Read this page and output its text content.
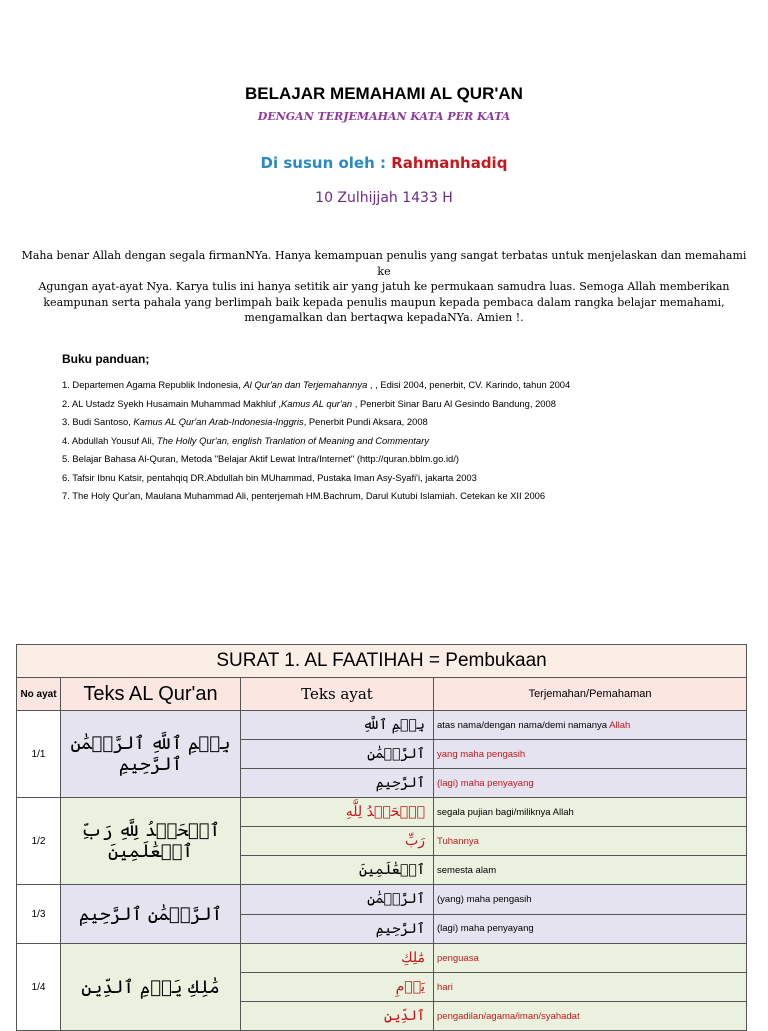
BELAJAR MEMAHAMI AL QUR'AN
DENGAN TERJEMAHAN KATA PER KATA
Di susun oleh : Rahmanhadiq
10 Zulhijjah 1433 H
Maha benar Allah dengan segala firmanNYa. Hanya kemampuan penulis yang sangat terbatas untuk menjelaskan dan memahami ke
Agungan ayat-ayat Nya. Karya tulis ini hanya setitik air yang jatuh ke permukaan samudra luas. Semoga Allah memberikan
keampunan serta pahala yang berlimpah baik kepada penulis maupun kepada pembaca dalam rangka belajar memahami,
mengamalkan dan bertaqwa kepadaNYa. Amien !.
Buku panduan;
1. Departemen Agama Republik Indonesia, Al Qur'an dan Terjemahannya , , Edisi 2004, penerbit, CV. Karindo, tahun 2004
2. AL Ustadz Syekh Husamain Muhammad Makhluf ,Kamus AL qur'an , Penerbit Sinar Baru Al Gesindo Bandung, 2008
3. Budi Santoso, Kamus AL Qur'an Arab-Indonesia-Inggris, Penerbit Pundi Aksara, 2008
4. Abdullah Yousuf Ali, The Holly Qur'an, english Tranlation of Meaning and Commentary
5. Belajar Bahasa Al-Quran, Metoda "Belajar Aktif Lewat Intra/Internet" (http://quran.bblm.go.id/)
6. Tafsir Ibnu Katsir, pentahqiq DR.Abdullah bin MUhammad, Pustaka Iman Asy-Syafi'i, jakarta 2003
7. The Holy Qur'an, Maulana Muhammad Ali, penterjemah HM.Bachrum, Darul Kutubi Islamiah. Cetekan ke XII 2006
SURAT 1. AL FAATIHAH = Pembukaan			
No ayat	Teks AL Qur'an	Teks ayat	Terjemahan/Pemahaman
1/1	بِسۡمِ ٱللَّهِ ٱلرَّحۡمَٰنِ ٱلرَّحِيمِ	بِسۡمِ ٱللَّهِ	atas nama/dengan nama/demi namanya Allah
		ٱلرَّحۡمَٰنِ	yang maha pengasih
		ٱلرَّحِيمِ	(lagi) maha penyayang
1/2	ٱلۡحَمۡدُ لِلَّهِ رَبِّ ٱلۡعَٰلَمِينَ	ٱلۡحَمۡدُ لِلَّهِ	segala pujian bagi/miliknya Allah
		رَبِّ	Tuhannya
		ٱلۡعَٰلَمِينَ	semesta alam
1/3	ٱلرَّحۡمَٰنِ ٱلرَّحِيمِ	ٱلرَّحۡمَٰنِ	(yang) maha pengasih
		ٱلرَّحِيمِ	(lagi) maha penyayang
1/4	مَٰلِكِ يَوۡمِ ٱلدِّينِ	مَٰلِكِ	penguasa
		يَوۡمِ	hari
		ٱلدِّينِ	pengadilan/agama/iman/syahadat
